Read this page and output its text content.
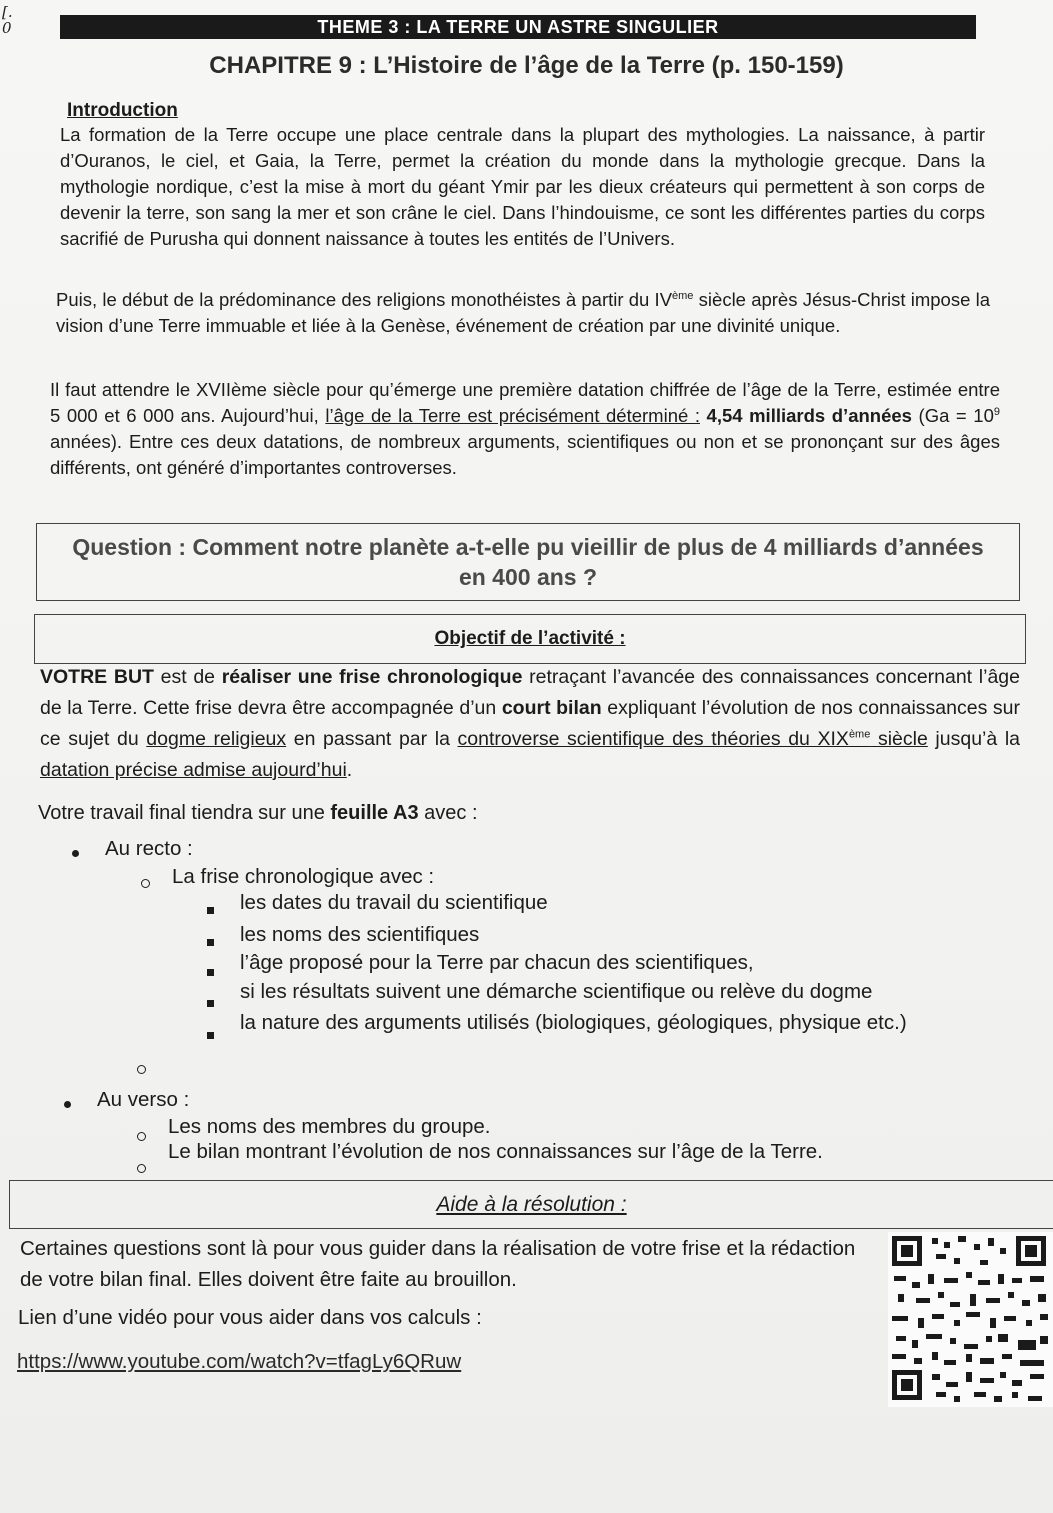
[.
0	THEME 3 : LA TERRE UN ASTRE SINGULIER
CHAPITRE 9 : L’Histoire de l’âge de la Terre (p. 150-159)
Introduction

La formation de la Terre occupe une place centrale dans la plupart des mythologies. La naissance, à partir d’Ouranos, le ciel, et Gaia, la Terre, permet la création du monde dans la mythologie grecque. Dans la mythologie nordique, c’est la mise à mort du géant Ymir par les dieux créateurs qui permettent à son corps de devenir la terre, son sang la mer et son crâne le ciel. Dans l’hindouisme, ce sont les différentes parties du corps sacrifié de Purusha qui donnent naissance à toutes les entités de l’Univers.

Puis, le début de la prédominance des religions monothéistes à partir du IVème siècle après Jésus-Christ impose la vision d’une Terre immuable et liée à la Genèse, événement de création par une divinité unique.

Il faut attendre le XVIIème siècle pour qu’émerge une première datation chiffrée de l’âge de la Terre, estimée entre 5 000 et 6 000 ans. Aujourd’hui, l’âge de la Terre est précisément déterminé : 4,54 milliards d’années ($Ga = 10^9$ années). Entre ces deux datations, de nombreux arguments, scientifiques ou non et se prononçant sur des âges différents, ont généré d’importantes controverses.

Question : Comment notre planète a-t-elle pu vieillir de plus de 4 milliards d’années en 400 ans ?
Objectif de l’activité :

VOTRE BUT est de réaliser une frise chronologique retraçant l’avancée des connaissances concernant l’âge de la Terre. Cette frise devra être accompagnée d’un court bilan expliquant l’évolution de nos connaissances sur ce sujet du dogme religieux en passant par la controverse scientifique des théories du XIXème siècle jusqu’à la datation précise admise aujourd’hui.

Votre travail final tiendra sur une feuille A3 avec :
Au recto :
La frise chronologique avec :
les dates du travail du scientifique
les noms des scientifiques
l’âge proposé pour la Terre par chacun des scientifiques,
si les résultats suivent une démarche scientifique ou relève du dogme
la nature des arguments utilisés (biologiques, géologiques, physique etc.)
Au verso :
Les noms des membres du groupe.
Le bilan montrant l’évolution de nos connaissances sur l’âge de la Terre.
Aide à la résolution :

Certaines questions sont là pour vous guider dans la réalisation de votre frise et la rédaction de votre bilan final. Elles doivent être faite au brouillon.

Lien d’une vidéo pour vous aider dans vos calculs :
https://www.youtube.com/watch?v=tfagLy6QRuw
